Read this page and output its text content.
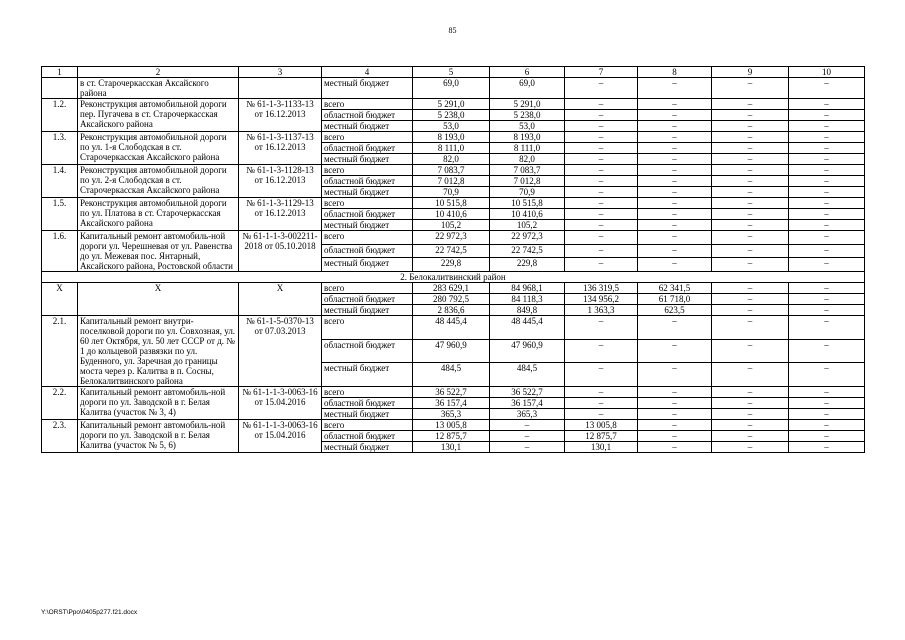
85
1	2	3	4	5	6	7	8	9	10
	в ст. Старочеркасская Аксайского района		местный бюджет	69,0	69,0	–	–	–	–
1.2.	Реконструкция автомобильной дороги пер. Пугачева в ст. Старочеркасская Аксайского района	№ 61-1-3-1133-13 от 16.12.2013	всего	5 291,0	5 291,0	–	–	–	–
			областной бюджет	5 238,0	5 238,0	–	–	–	–
			местный бюджет	53,0	53,0	–	–	–	–
1.3.	Реконструкция автомобильной дороги по ул. 1-я Слободская в ст. Старочеркасская Аксайского района	№ 61-1-3-1137-13 от 16.12.2013	всего	8 193,0	8 193,0	–	–	–	–
			областной бюджет	8 111,0	8 111,0	–	–	–	–
			местный бюджет	82,0	82,0	–	–	–	–
1.4.	Реконструкция автомобильной дороги по ул. 2-я Слободская в ст. Старочеркасская Аксайского района	№ 61-1-3-1128-13 от 16.12.2013	всего	7 083,7	7 083,7	–	–	–	–
			областной бюджет	7 012,8	7 012,8	–	–	–	–
			местный бюджет	70,9	70,9	–	–	–	–
1.5.	Реконструкция автомобильной дороги по ул. Платова в ст. Старочеркасская Аксайского района	№ 61-1-3-1129-13 от 16.12.2013	всего	10 515,8	10 515,8	–	–	–	–
			областной бюджет	10 410,6	10 410,6	–	–	–	–
			местный бюджет	105,2	105,2	–	–	–	–
1.6.	Капитальный ремонт автомобиль-ной дороги ул. Черешневая от ул. Равенства до ул. Межевая пос. Янтарный, Аксайского района, Ростовской области	№ 61-1-1-3-002211-2018 от 05.10.2018	всего	22 972,3	22 972,3	–	–	–	–
			областной бюджет	22 742,5	22 742,5	–	–	–	–
			местный бюджет	229,8	229,8	–	–	–	–
2. Белокалитвинский район									
Х	Х	Х	всего	283 629,1	84 968,1	136 319,5	62 341,5	–	–
			областной бюджет	280 792,5	84 118,3	134 956,2	61 718,0	–	–
			местный бюджет	2 836,6	849,8	1 363,3	623,5	–	–
2.1.	Капитальный ремонт внутри-поселковой дороги по ул. Совхозная, ул. 60 лет Октября, ул. 50 лет СССР от д. № 1 до кольцевой развязки по ул. Буденного, ул. Заречная до границы моста через р. Калитва в п. Сосны, Белокалитвинского района	№ 61-1-5-0370-13 от 07.03.2013	всего	48 445,4	48 445,4	–	–	–	–
			областной бюджет	47 960,9	47 960,9	–	–	–	–
			местный бюджет	484,5	484,5	–	–	–	–
2.2.	Капитальный ремонт автомобиль-ной дороги по ул. Заводской в г. Белая Калитва (участок № 3, 4)	№ 61-1-1-3-0063-16 от 15.04.2016	всего	36 522,7	36 522,7	–	–	–	–
			областной бюджет	36 157,4	36 157,4	–	–	–	–
			местный бюджет	365,3	365,3	–	–	–	–
2.3.	Капитальный ремонт автомобиль-ной дороги по ул. Заводской в г. Белая Калитва (участок № 5, 6)	№ 61-1-1-3-0063-16 от 15.04.2016	всего	13 005,8	–	13 005,8	–	–	–
			областной бюджет	12 875,7	–	12 875,7	–	–	–
			местный бюджет	130,1	–	130,1	–	–	–
Y:\ORST\Ppo\0405p277.f21.docx
